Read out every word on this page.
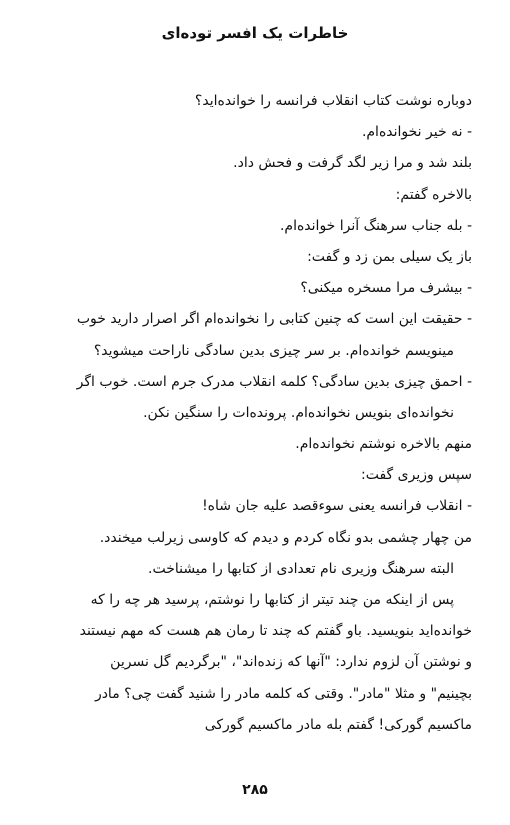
خاطرات یک افسر توده‌ای
دوباره نوشت کتاب انقلاب فرانسه را خوانده‌اید؟
- نه خیر نخوانده‌ام.
بلند شد و مرا زیر لگد گرفت و فحش داد.
بالاخره گفتم:
- بله جناب سرهنگ آنرا خوانده‌ام.
باز یک سیلی بمن زد و گفت:
- بیشرف مرا مسخره میکنی؟
- حقیقت این است که چنین کتابی را نخوانده‌ام اگر اصرار دارید خوب
مینویسم خوانده‌ام. بر سر چیزی بدین سادگی ناراحت میشوید؟
- احمق چیزی بدین سادگی؟ کلمه انقلاب مدرک جرم است. خوب اگر
نخوانده‌ای بنویس نخوانده‌ام. پرونده‌ات را سنگین نکن.
منهم بالاخره نوشتم نخوانده‌ام.
سپس وزیری گفت:
- انقلاب فرانسه یعنی سوءقصد علیه جان شاه!
من چهار چشمی بدو نگاه کردم و دیدم که کاوسی زیرلب میخندد.
البته سرهنگ وزیری نام تعدادی از کتابها را میشناخت.
پس از اینکه من چند تیتر از کتابها را نوشتم، پرسید هر چه را که
خوانده‌اید بنویسید. باو گفتم که چند تا رمان هم هست که مهم نیستند
و نوشتن آن لزوم ندارد: "آنها که زنده‌اند"، "برگردیم گل نسرین
بچینیم" و مثلا "مادر". وقتی که کلمه مادر را شنید گفت چی؟ مادر
ماکسیم گورکی! گفتم بله مادر ماکسیم گورکی
۲۸۵
